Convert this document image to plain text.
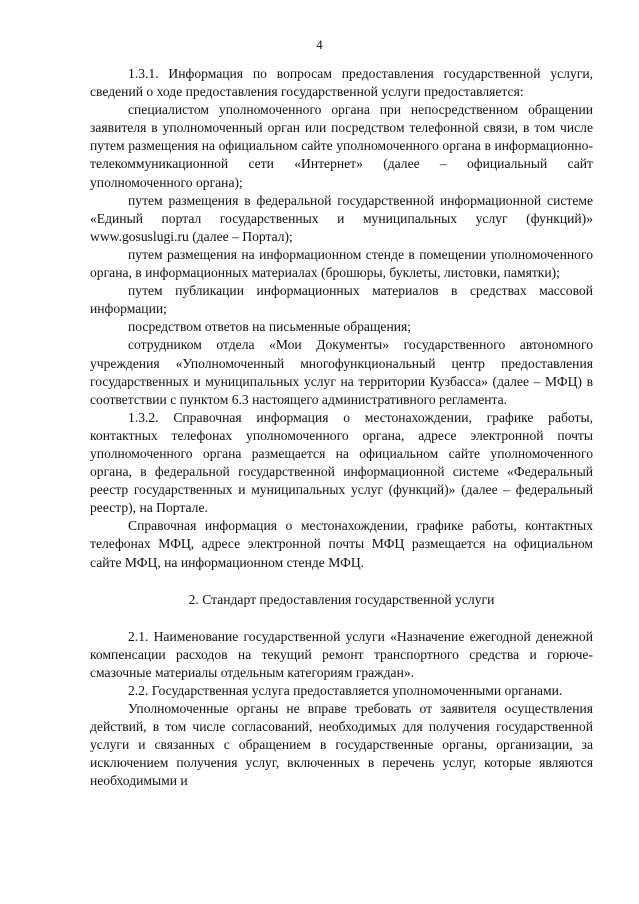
4

1.3.1. Информация по вопросам предоставления государственной услуги, сведений о ходе предоставления государственной услуги предоставляется:

специалистом уполномоченного органа при непосредственном обращении заявителя в уполномоченный орган или посредством телефонной связи, в том числе путем размещения на официальном сайте уполномоченного органа в информационно-телекоммуникационной сети «Интернет» (далее – официальный сайт уполномоченного органа);

путем размещения в федеральной государственной информационной системе «Единый портал государственных и муниципальных услуг (функций)» www.gosuslugi.ru (далее – Портал);

путем размещения на информационном стенде в помещении уполномоченного органа, в информационных материалах (брошюры, буклеты, листовки, памятки);

путем публикации информационных материалов в средствах массовой информации;

посредством ответов на письменные обращения;

сотрудником отдела «Мои Документы» государственного автономного учреждения «Уполномоченный многофункциональный центр предоставления государственных и муниципальных услуг на территории Кузбасса» (далее – МФЦ) в соответствии с пунктом 6.3 настоящего административного регламента.

1.3.2. Справочная информация о местонахождении, графике работы, контактных телефонах уполномоченного органа, адресе электронной почты уполномоченного органа размещается на официальном сайте уполномоченного органа, в федеральной государственной информационной системе «Федеральный реестр государственных и муниципальных услуг (функций)» (далее – федеральный реестр), на Портале.

Справочная информация о местонахождении, графике работы, контактных телефонах МФЦ, адресе электронной почты МФЦ размещается на официальном сайте МФЦ, на информационном стенде МФЦ.

2. Стандарт предоставления государственной услуги

2.1. Наименование государственной услуги «Назначение ежегодной денежной компенсации расходов на текущий ремонт транспортного средства и горюче-смазочные материалы отдельным категориям граждан».

2.2. Государственная услуга предоставляется уполномоченными органами.

Уполномоченные органы не вправе требовать от заявителя осуществления действий, в том числе согласований, необходимых для получения государственной услуги и связанных с обращением в государственные органы, организации, за исключением получения услуг, включенных в перечень услуг, которые являются необходимыми и
